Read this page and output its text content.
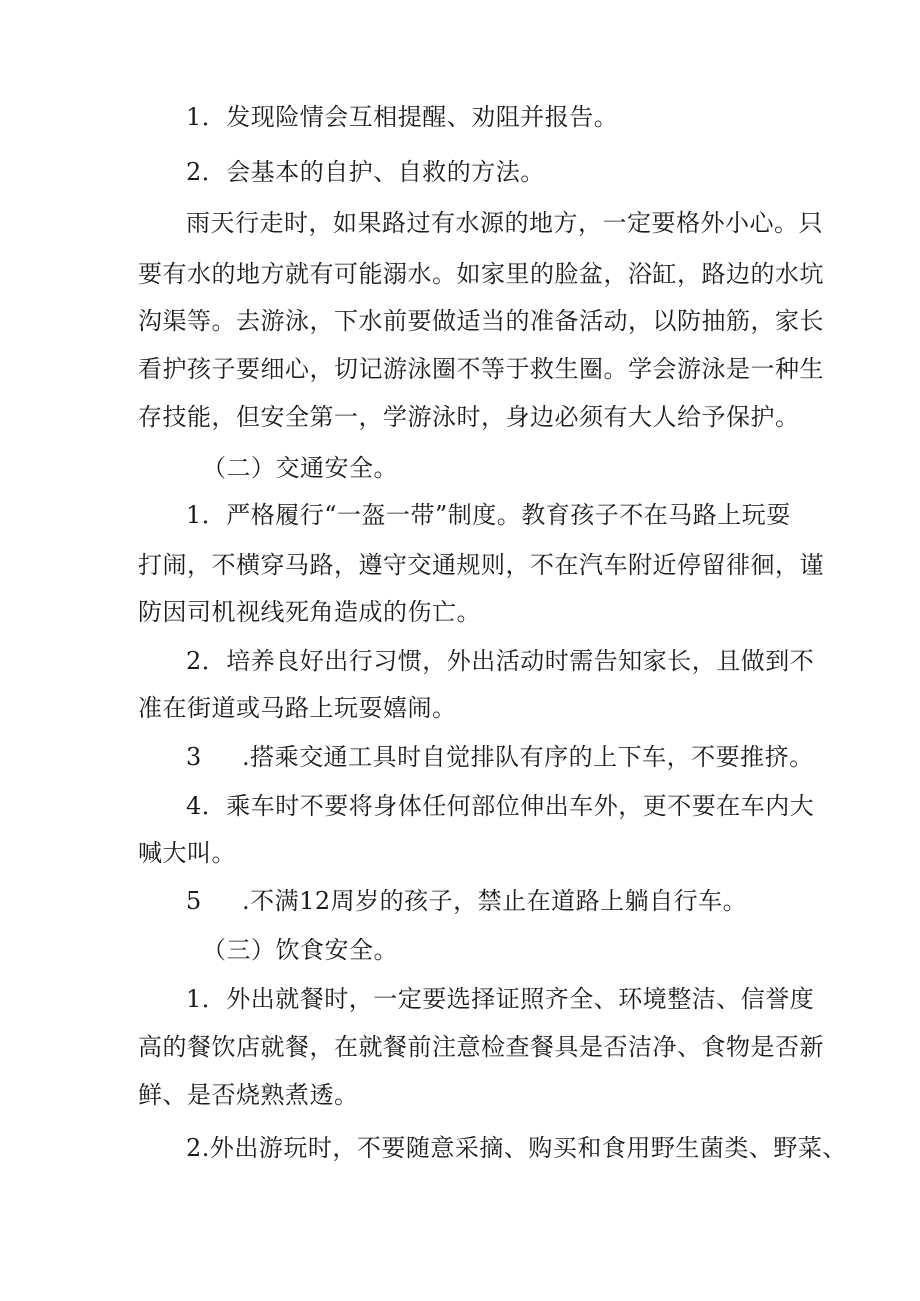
1．发现险情会互相提醒、劝阻并报告。
2．会基本的自护、自救的方法。
雨天行走时，如果路过有水源的地方，一定要格外小心。只
要有水的地方就有可能溺水。如家里的脸盆，浴缸，路边的水坑
沟渠等。去游泳，下水前要做适当的准备活动，以防抽筋，家长
看护孩子要细心，切记游泳圈不等于救生圈。学会游泳是一种生
存技能，但安全第一，学游泳时，身边必须有大人给予保护。
（二）交通安全。
1．严格履行“一盔一带”制度。教育孩子不在马路上玩耍
打闹，不横穿马路，遵守交通规则，不在汽车附近停留徘徊，谨
防因司机视线死角造成的伤亡。
2．培养良好出行习惯，外出活动时需告知家长，且做到不
准在街道或马路上玩耍嬉闹。
3 .搭乘交通工具时自觉排队有序的上下车，不要推挤。
4．乘车时不要将身体任何部位伸出车外，更不要在车内大
喊大叫。
5 .不满12周岁的孩子，禁止在道路上躺自行车。
（三）饮食安全。
1．外出就餐时，一定要选择证照齐全、环境整洁、信誉度
高的餐饮店就餐，在就餐前注意检查餐具是否洁净、食物是否新
鲜、是否烧熟煮透。
2.外出游玩时，不要随意采摘、购买和食用野生菌类、野菜、
